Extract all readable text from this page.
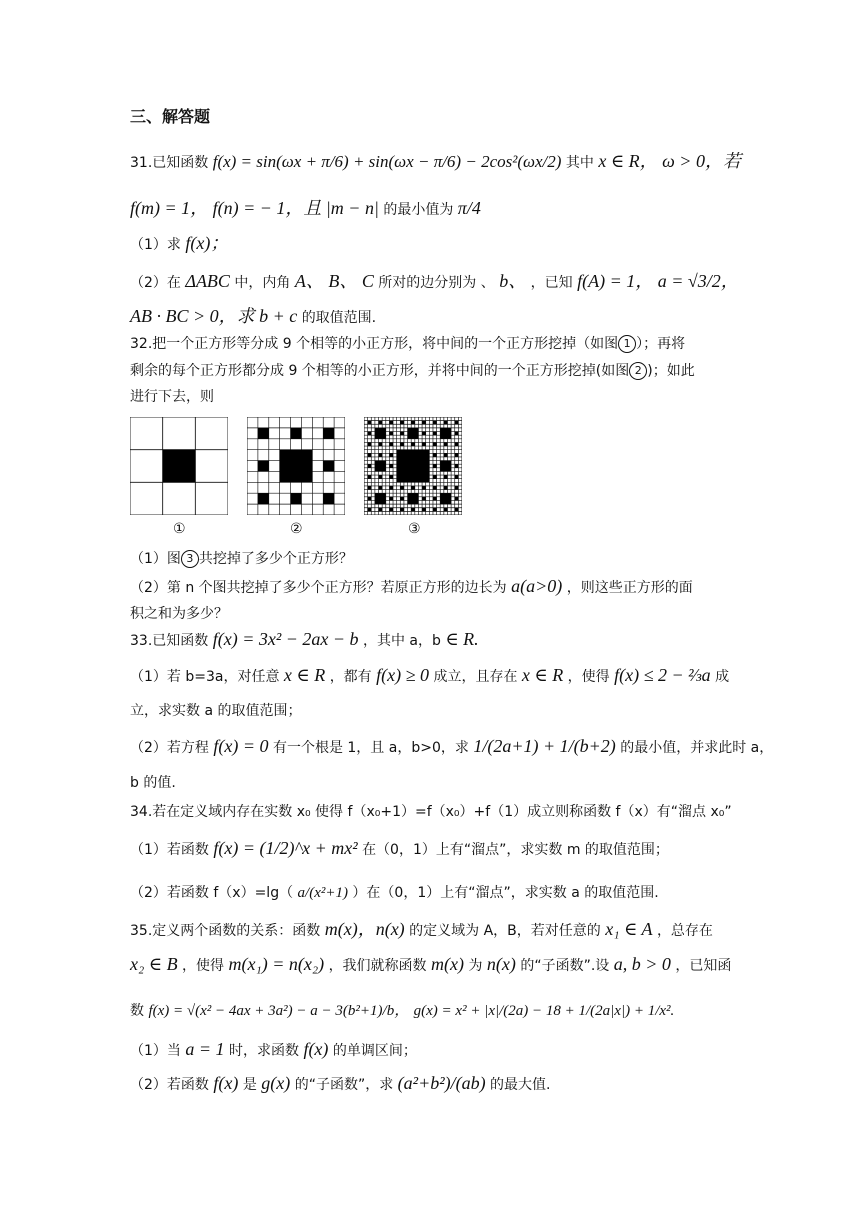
三、解答题
31.已知函数 f(x) = sin(ωx + π/6) + sin(ωx − π/6) − 2cos²(ωx/2) 其中 x ∈ R， ω > 0，若
f(m) = 1， f(n) = − 1，且 |m − n| 的最小值为 π/4
（1）求 f(x)；
（2）在 ΔABC 中，内角 A、 B、 C 所对的边分别为 、 b、 ，已知 f(A) = 1， a = √3/2，
AB · BC > 0，求 b + c 的取值范围.
32.把一个正方形等分成 9 个相等的小正方形，将中间的一个正方形挖掉（如图 1 ）；再将
剩余的每个正方形都分成 9 个相等的小正方形，并将中间的一个正方形挖掉(如图 2 )；如此
进行下去，则
①	②	③
（1）图 3 共挖掉了多少个正方形？
（2）第 n 个图共挖掉了多少个正方形？若原正方形的边长为 a(a>0) ，则这些正方形的面
积之和为多少？
33.已知函数 f(x) = 3x² − 2ax − b ，其中 a，b ∈ R.
（1）若 b=3a，对任意 x ∈ R ，都有 f(x) ≥ 0 成立，且存在 x ∈ R ，使得 f(x) ≤ 2 − ⅔a 成
立，求实数 a 的取值范围；
（2）若方程 f(x) = 0 有一个根是 1，且 a，b>0，求 1/(2a+1) + 1/(b+2) 的最小值，并求此时 a，
b 的值.
34.若在定义域内存在实数 x₀ 使得 f（x₀+1）=f（x₀）+f（1）成立则称函数 f（x）有“溜点 x₀”
（1）若函数 f(x) = (1/2)^x + mx² 在（0，1）上有“溜点”，求实数 m 的取值范围；
（2）若函数 f（x）=lg（ a/(x²+1) ）在（0，1）上有“溜点”，求实数 a 的取值范围.
35.定义两个函数的关系：函数 m(x)，n(x) 的定义域为 A，B，若对任意的 x₁ ∈ A ，总存在
x₂ ∈ B ，使得 m(x₁) = n(x₂) ，我们就称函数 m(x) 为 n(x) 的“子函数”.设 a, b > 0 ，已知函
数 f(x) = √(x² − 4ax + 3a²) − a − 3(b²+1)/b， g(x) = x² + |x|/(2a) − 18 + 1/(2a|x|) + 1/x².
（1）当 a = 1 时，求函数 f(x) 的单调区间；
（2）若函数 f(x) 是 g(x) 的“子函数”，求 (a²+b²)/(ab) 的最大值.
